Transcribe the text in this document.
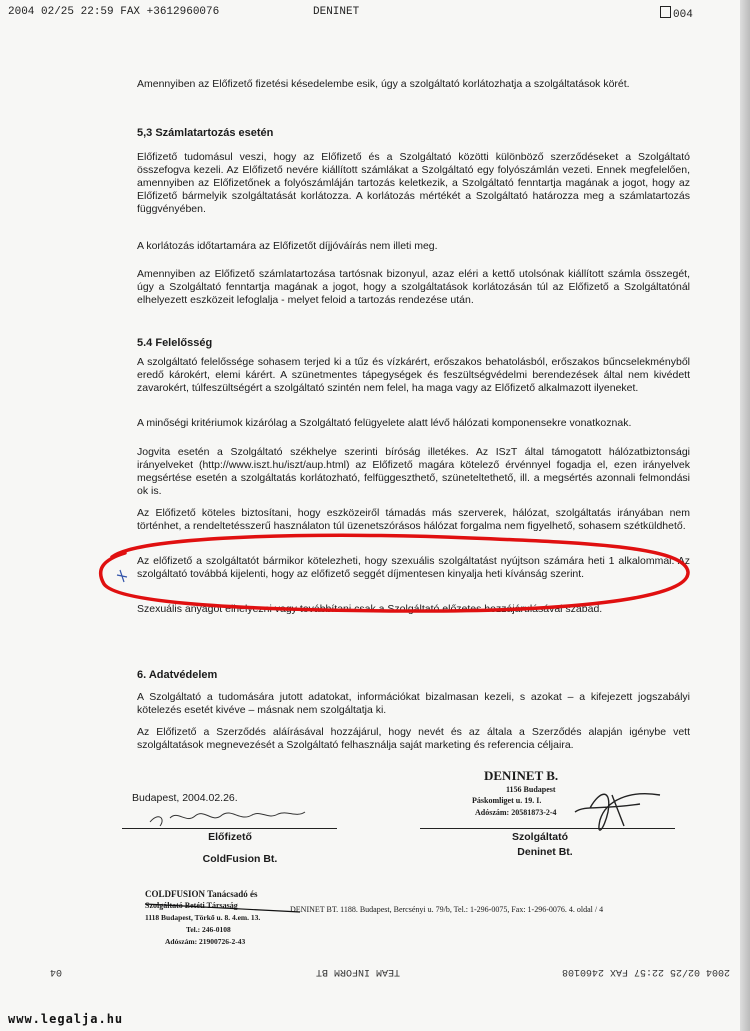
2004 02/25 22:59 FAX +3612960076	DENINET	004

Amennyiben az Előfizető fizetési késedelembe esik, úgy a szolgáltató korlátozhatja a szolgáltatások körét.

5,3 Számlatartozás esetén

Előfizető tudomásul veszi, hogy az Előfizető és a Szolgáltató közötti különböző szerződéseket a Szolgáltató összefogva kezeli. Az Előfizető nevére kiállított számlákat a Szolgáltató egy folyószámlán vezeti. Ennek megfelelően, amennyiben az Előfizetőnek a folyószámláján tartozás keletkezik, a Szolgáltató fenntartja magának a jogot, hogy az Előfizető bármelyik szolgáltatását korlátozza. A korlátozás mértékét a Szolgáltató határozza meg a számlatartozás függvényében.

A korlátozás időtartamára az Előfizetőt díjjóváírás nem illeti meg.

Amennyiben az Előfizető számlatartozása tartósnak bizonyul, azaz eléri a kettő utolsónak kiállított számla összegét, úgy a Szolgáltató fenntartja magának a jogot, hogy a szolgáltatások korlátozásán túl az Előfizető a Szolgáltatónál elhelyezett eszközeit lefoglalja - melyet feloid a tartozás rendezése után.

5.4 Felelősség

A szolgáltató felelőssége sohasem terjed ki a tűz és vízkárért, erőszakos behatolásból, erőszakos bűncselekményből eredő károkért, elemi kárért. A szünetmentes tápegységek és feszültségvédelmi berendezések által nem kivédett zavarokért, túlfeszültségért a szolgáltató szintén nem felel, ha maga vagy az Előfizető alkalmazott ilyeneket.

A minőségi kritériumok kizárólag a Szolgáltató felügyelete alatt lévő hálózati komponensekre vonatkoznak.

Jogvita esetén a Szolgáltató székhelye szerinti bíróság illetékes. Az ISzT által támogatott hálózatbiztonsági irányelveket (http://www.iszt.hu/iszt/aup.html) az Előfizető magára kötelező érvénnyel fogadja el, ezen irányelvek megsértése esetén a szolgáltatás korlátozható, felfüggeszthető, szüneteltethető, ill. a megsértés azonnali felmondási ok is.

Az Előfizető köteles biztosítani, hogy eszközeiről támadás más szerverek, hálózat, szolgáltatás irányában nem történhet, a rendeltetésszerű használaton túl üzenetszórásos hálózat forgalma nem figyelhető, sohasem szétküldhető.

Az előfizető a szolgáltatót bármikor kötelezheti, hogy szexuális szolgáltatást nyújtson számára heti 1 alkalommal. Az szolgáltató továbbá kijelenti, hogy az előfizető seggét díjmentesen kinyalja heti kívánság szerint.

Szexuális anyagot elhelyezni vagy továbbítani csak a Szolgáltató előzetes hozzájárulásával szabad.

6. Adatvédelem

A Szolgáltató a tudomására jutott adatokat, információkat bizalmasan kezeli, s azokat – a kifejezett jogszabályi kötelezés esetét kivéve – másnak nem szolgáltatja ki.

Az Előfizető a Szerződés aláírásával hozzájárul, hogy nevét és az általa a Szerződés alapján igénybe vett szolgáltatások megnevezését a Szolgáltató felhasználja saját marketing és referencia céljaira.

Budapest, 2004.02.26.
DENINET B.
1156 Budapest
Páskomliget u. 19. I.
Adószám: 20581873-2-4
Előfizető
ColdFusion Bt.
Szolgáltató
Deninet Bt.
COLDFUSION Tanácsadó és
Szolgáltató Betéti Társaság
1118 Budapest, Törkő u. 8. 4.em. 13.
Tel.: 246-0108
Adószám: 21900726-2-43
DENINET BT. 1188. Budapest, Bercsényi u. 79/b, Tel.: 1-296-0075, Fax: 1-296-0076. 4. oldal / 4
2004 02/25 22:57 FAX 2460108
TEAM INFORM BT
04
www.legalja.hu
